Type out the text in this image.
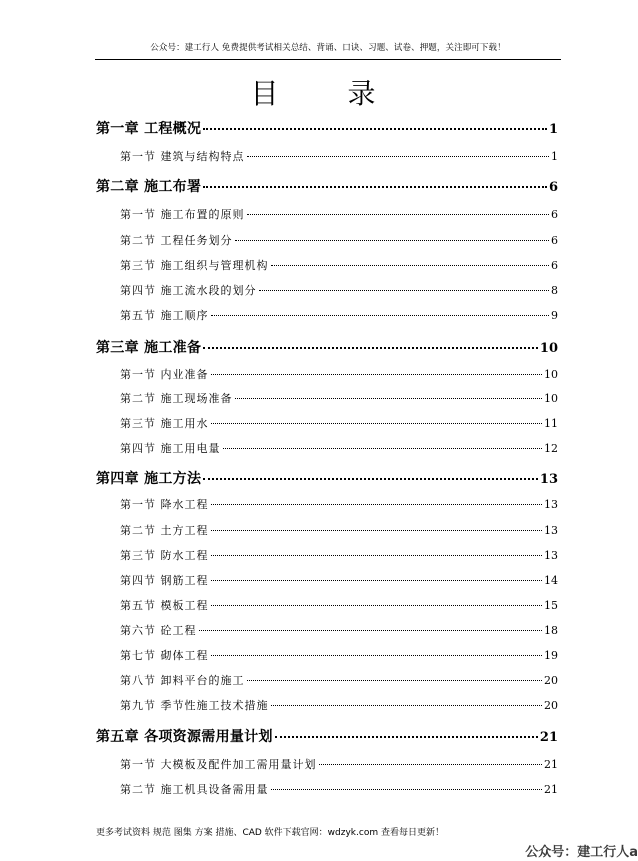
公众号：建工行人 免费提供考试相关总结、背诵、口诀、习题、试卷、押题，关注即可下载！
目 录
第一章 工程概况	1
第一节 建筑与结构特点	1
第二章 施工布署	6
第一节 施工布置的原则	6
第二节 工程任务划分	6
第三节 施工组织与管理机构	6
第四节 施工流水段的划分	8
第五节 施工顺序	9
第三章 施工准备	10
第一节 内业准备	10
第二节 施工现场准备	10
第三节 施工用水	11
第四节 施工用电量	12
第四章 施工方法	13
第一节 降水工程	13
第二节 土方工程	13
第三节 防水工程	13
第四节 钢筋工程	14
第五节 模板工程	15
第六节 砼工程	18
第七节 砌体工程	19
第八节 卸料平台的施工	20
第九节 季节性施工技术措施	20
第五章 各项资源需用量计划	21
第一节 大模板及配件加工需用量计划	21
第二节 施工机具设备需用量	21
更多考试资料 规范 图集 方案 措施、CAD 软件下载官网：wdzyk.com 查看每日更新！
公众号：建工行人a
